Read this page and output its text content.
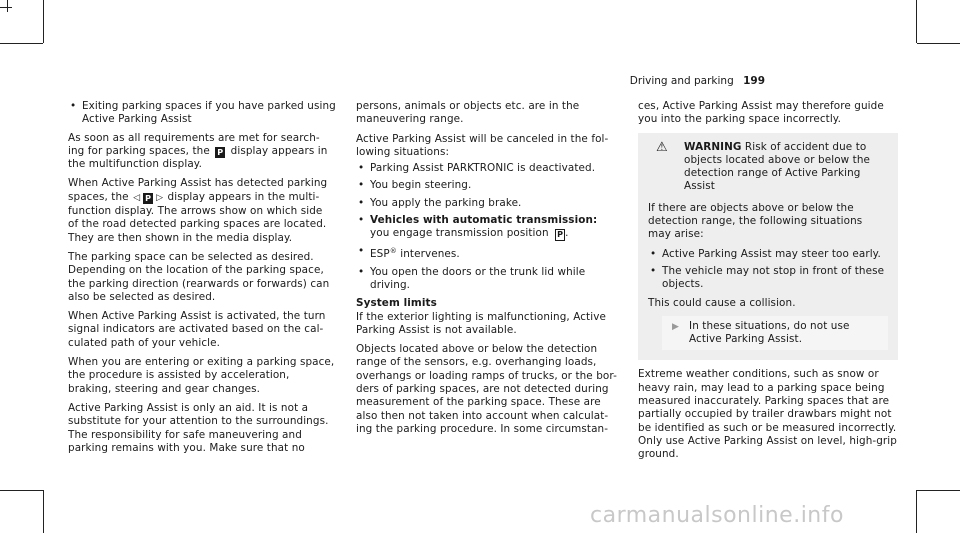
Driving and parking 199
• Exiting parking spaces if you have parked using Active Parking Assist

As soon as all requirements are met for search-ing for parking spaces, the P display appears in the multifunction display.

When Active Parking Assist has detected parking spaces, the ◁ P ▷ display appears in the multi-function display. The arrows show on which side of the road detected parking spaces are located. They are then shown in the media display.

The parking space can be selected as desired. Depending on the location of the parking space, the parking direction (rearwards or forwards) can also be selected as desired.

When Active Parking Assist is activated, the turn signal indicators are activated based on the cal-culated path of your vehicle.

When you are entering or exiting a parking space, the procedure is assisted by acceleration, braking, steering and gear changes.

Active Parking Assist is only an aid. It is not a substitute for your attention to the surroundings. The responsibility for safe maneuvering and parking remains with you. Make sure that no

persons, animals or objects etc. are in the maneuvering range.

Active Parking Assist will be canceled in the fol-lowing situations:

• Parking Assist PARKTRONIC is deactivated.
• You begin steering.
• You apply the parking brake.
• Vehicles with automatic transmission:
you engage transmission position P .
• ESP® intervenes.
• You open the doors or the trunk lid while driving.

System limits

If the exterior lighting is malfunctioning, Active Parking Assist is not available.

Objects located above or below the detection range of the sensors, e.g. overhanging loads, overhangs or loading ramps of trucks, or the bor-ders of parking spaces, are not detected during measurement of the parking space. These are also then not taken into account when calculat-ing the parking procedure. In some circumstan-

ces, Active Parking Assist may therefore guide you into the parking space incorrectly.

⚠	WARNING Risk of accident due to objects located above or below the detection range of Active Parking Assist

If there are objects above or below the detection range, the following situations may arise:

• Active Parking Assist may steer too early.
• The vehicle may not stop in front of these objects.

This could cause a collision.

▶ In these situations, do not use Active Parking Assist.

Extreme weather conditions, such as snow or heavy rain, may lead to a parking space being measured inaccurately. Parking spaces that are partially occupied by trailer drawbars might not be identified as such or be measured incorrectly. Only use Active Parking Assist on level, high-grip ground.

carmanualsonline.info
